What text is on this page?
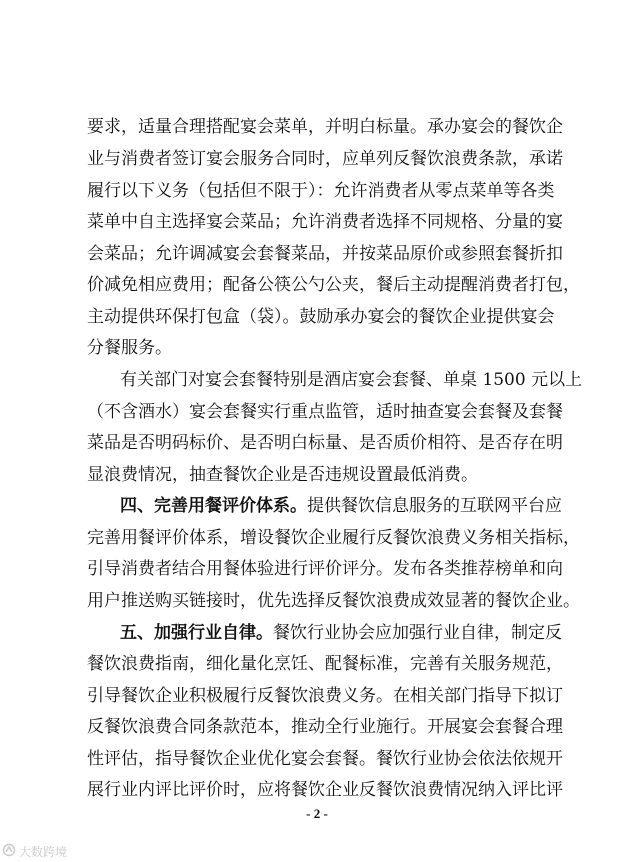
要求，适量合理搭配宴会菜单，并明白标量。承办宴会的餐饮企
业与消费者签订宴会服务合同时，应单列反餐饮浪费条款，承诺
履行以下义务（包括但不限于）：允许消费者从零点菜单等各类
菜单中自主选择宴会菜品；允许消费者选择不同规格、分量的宴
会菜品；允许调减宴会套餐菜品，并按菜品原价或参照套餐折扣
价减免相应费用；配备公筷公勺公夹，餐后主动提醒消费者打包，
主动提供环保打包盒（袋）。鼓励承办宴会的餐饮企业提供宴会
分餐服务。
有关部门对宴会套餐特别是酒店宴会套餐、单桌 1500 元以上
（不含酒水）宴会套餐实行重点监管，适时抽查宴会套餐及套餐
菜品是否明码标价、是否明白标量、是否质价相符、是否存在明
显浪费情况，抽查餐饮企业是否违规设置最低消费。
四、完善用餐评价体系。提供餐饮信息服务的互联网平台应
完善用餐评价体系，增设餐饮企业履行反餐饮浪费义务相关指标，
引导消费者结合用餐体验进行评价评分。发布各类推荐榜单和向
用户推送购买链接时，优先选择反餐饮浪费成效显著的餐饮企业。
五、加强行业自律。餐饮行业协会应加强行业自律，制定反
餐饮浪费指南，细化量化烹饪、配餐标准，完善有关服务规范，
引导餐饮企业积极履行反餐饮浪费义务。在相关部门指导下拟订
反餐饮浪费合同条款范本，推动全行业施行。开展宴会套餐合理
性评估，指导餐饮企业优化宴会套餐。餐饮行业协会依法依规开
展行业内评比评价时，应将餐饮企业反餐饮浪费情况纳入评比评
- 2 -
大数跨境
